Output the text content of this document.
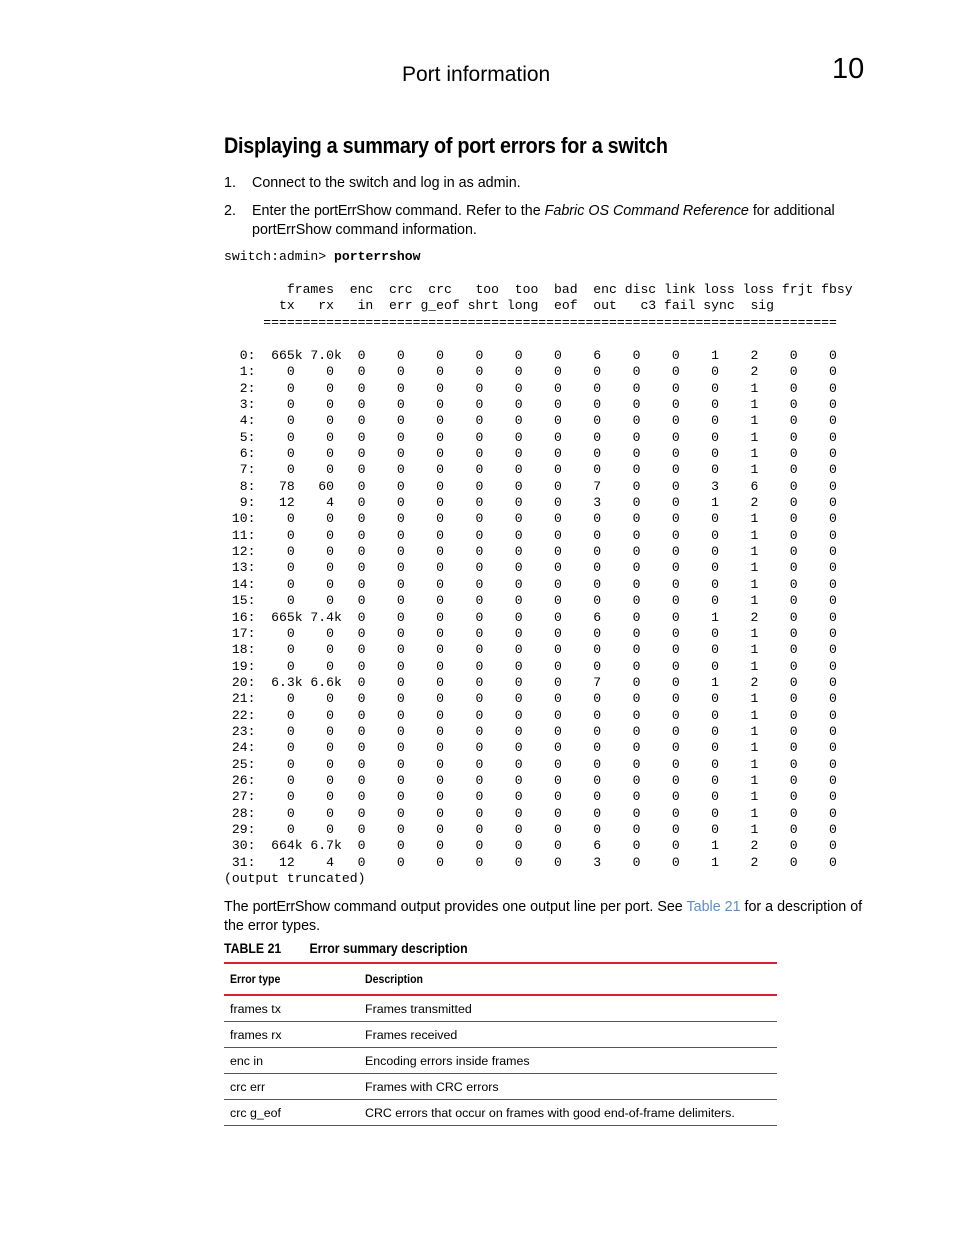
Port information	10
Displaying a summary of port errors for a switch
1. Connect to the switch and log in as admin.
2. Enter the portErrShow command. Refer to the Fabric OS Command Reference for additional portErrShow command information.
switch:admin> porterrshow
frames  enc  crc  crc   too  too  bad  enc disc link loss loss frjt fbsy
tx   rx   in  err g_eof shrt long  eof  out   c3 fail sync  sig
=========================================================================
0:  665k 7.0k  0    0    0    0    0    0    6    0    0    1    2    0    0
1:    0    0   0    0    0    0    0    0    0    0    0    0    2    0    0
2:    0    0   0    0    0    0    0    0    0    0    0    0    1    0    0
3:    0    0   0    0    0    0    0    0    0    0    0    0    1    0    0
4:    0    0   0    0    0    0    0    0    0    0    0    0    1    0    0
5:    0    0   0    0    0    0    0    0    0    0    0    0    1    0    0
6:    0    0   0    0    0    0    0    0    0    0    0    0    1    0    0
7:    0    0   0    0    0    0    0    0    0    0    0    0    1    0    0
8:   78   60   0    0    0    0    0    0    7    0    0    3    6    0    0
9:   12    4   0    0    0    0    0    0    3    0    0    1    2    0    0
10:    0    0   0    0    0    0    0    0    0    0    0    0    1    0    0
11:    0    0   0    0    0    0    0    0    0    0    0    0    1    0    0
12:    0    0   0    0    0    0    0    0    0    0    0    0    1    0    0
13:    0    0   0    0    0    0    0    0    0    0    0    0    1    0    0
14:    0    0   0    0    0    0    0    0    0    0    0    0    1    0    0
15:    0    0   0    0    0    0    0    0    0    0    0    0    1    0    0
16:  665k 7.4k  0    0    0    0    0    0    6    0    0    1    2    0    0
17:    0    0   0    0    0    0    0    0    0    0    0    0    1    0    0
18:    0    0   0    0    0    0    0    0    0    0    0    0    1    0    0
19:    0    0   0    0    0    0    0    0    0    0    0    0    1    0    0
20:  6.3k 6.6k  0    0    0    0    0    0    7    0    0    1    2    0    0
21:    0    0   0    0    0    0    0    0    0    0    0    0    1    0    0
22:    0    0   0    0    0    0    0    0    0    0    0    0    1    0    0
23:    0    0   0    0    0    0    0    0    0    0    0    0    1    0    0
24:    0    0   0    0    0    0    0    0    0    0    0    0    1    0    0
25:    0    0   0    0    0    0    0    0    0    0    0    0    1    0    0
26:    0    0   0    0    0    0    0    0    0    0    0    0    1    0    0
27:    0    0   0    0    0    0    0    0    0    0    0    0    1    0    0
28:    0    0   0    0    0    0    0    0    0    0    0    0    1    0    0
29:    0    0   0    0    0    0    0    0    0    0    0    0    1    0    0
30:  664k 6.7k  0    0    0    0    0    0    6    0    0    1    2    0    0
31:   12    4   0    0    0    0    0    0    3    0    0    1    2    0    0
(output truncated)
The portErrShow command output provides one output line per port. See Table 21 for a description of the error types.
TABLE 21 Error summary description
Error type	Description
frames tx	Frames transmitted
frames rx	Frames received
enc in	Encoding errors inside frames
crc err	Frames with CRC errors
crc g_eof	CRC errors that occur on frames with good end-of-frame delimiters.
